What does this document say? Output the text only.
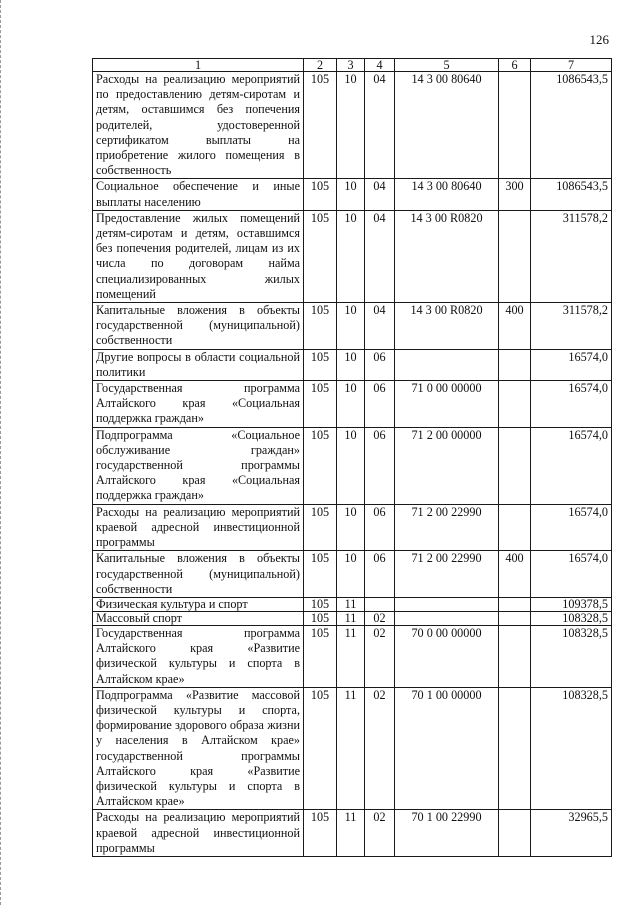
126
1	2	3	4	5	6	7
Расходы на реализацию мероприятий по предоставлению детям-сиротам и детям, оставшимся без попечения родителей, удостоверенной сертификатом выплаты на приобретение жилого помещения в собственность	105	10	04	14 3 00 80640		1086543,5
Социальное обеспечение и иные выплаты населению	105	10	04	14 3 00 80640	300	1086543,5
Предоставление жилых помещений детям-сиротам и детям, оставшимся без попечения родителей, лицам из их числа по договорам найма специализированных жилых помещений	105	10	04	14 3 00 R0820		311578,2
Капитальные вложения в объекты государственной (муниципальной) собственности	105	10	04	14 3 00 R0820	400	311578,2
Другие вопросы в области социальной политики	105	10	06			16574,0
Государственная программа Алтайского края «Социальная поддержка граждан»	105	10	06	71 0 00 00000		16574,0
Подпрограмма «Социальное обслуживание граждан» государственной программы Алтайского края «Социальная поддержка граждан»	105	10	06	71 2 00 00000		16574,0
Расходы на реализацию мероприятий краевой адресной инвестиционной программы	105	10	06	71 2 00 22990		16574,0
Капитальные вложения в объекты государственной (муниципальной) собственности	105	10	06	71 2 00 22990	400	16574,0
Физическая культура и спорт	105	11				109378,5
Массовый спорт	105	11	02			108328,5
Государственная программа Алтайского края «Развитие физической культуры и спорта в Алтайском крае»	105	11	02	70 0 00 00000		108328,5
Подпрограмма «Развитие массовой физической культуры и спорта, формирование здорового образа жизни у населения в Алтайском крае» государственной программы Алтайского края «Развитие физической культуры и спорта в Алтайском крае»	105	11	02	70 1 00 00000		108328,5
Расходы на реализацию мероприятий краевой адресной инвестиционной программы	105	11	02	70 1 00 22990		32965,5
